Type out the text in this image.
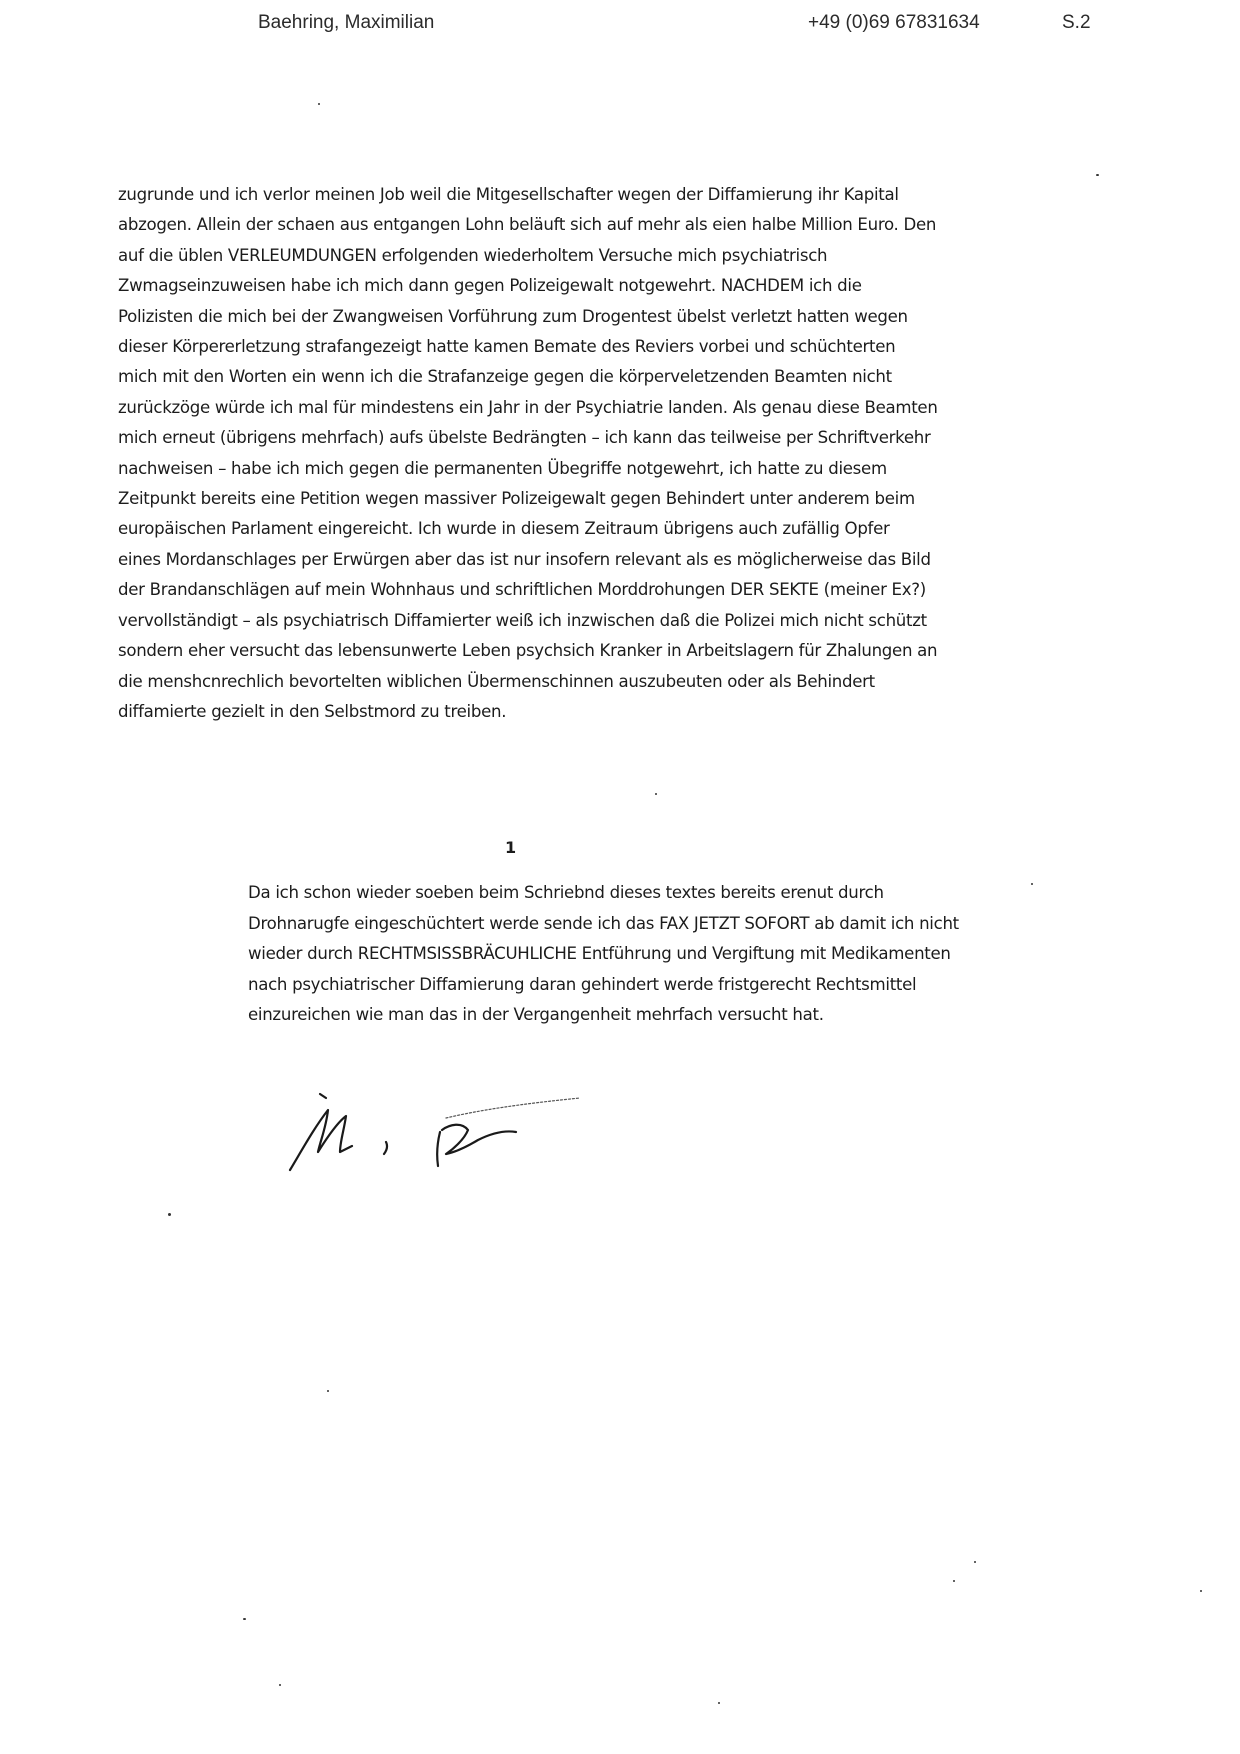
Baehring, Maximilian	+49 (0)69 67831634	S.2
zugrunde und ich verlor meinen Job weil die Mitgesellschafter wegen der Diffamierung ihr Kapital
abzogen. Allein der schaen aus entgangen Lohn beläuft sich auf mehr als eien halbe Million Euro. Den
auf die üblen VERLEUMDUNGEN erfolgenden wiederholtem Versuche mich psychiatrisch
Zwmagseinzuweisen habe ich mich dann gegen Polizeigewalt notgewehrt. NACHDEM ich die
Polizisten die mich bei der Zwangweisen Vorführung zum Drogentest übelst verletzt hatten wegen
dieser Körpererletzung strafangezeigt hatte kamen Bemate des Reviers vorbei und schüchterten
mich mit den Worten ein wenn ich die Strafanzeige gegen die körperveletzenden Beamten nicht
zurückzöge würde ich mal für mindestens ein Jahr in der Psychiatrie landen. Als genau diese Beamten
mich erneut (übrigens mehrfach) aufs übelste Bedrängten – ich kann das teilweise per Schriftverkehr
nachweisen – habe ich mich gegen die permanenten Übegriffe notgewehrt, ich hatte zu diesem
Zeitpunkt bereits eine Petition wegen massiver Polizeigewalt gegen Behindert unter anderem beim
europäischen Parlament eingereicht. Ich wurde in diesem Zeitraum übrigens auch zufällig Opfer
eines Mordanschlages per Erwürgen aber das ist nur insofern relevant als es möglicherweise das Bild
der Brandanschlägen auf mein Wohnhaus und schriftlichen Morddrohungen DER SEKTE (meiner Ex?)
vervollständigt – als psychiatrisch Diffamierter weiß ich inzwischen daß die Polizei mich nicht schützt
sondern eher versucht das lebensunwerte Leben psychsich Kranker in Arbeitslagern für Zhalungen an
die menshcnrechlich bevortelten wiblichen Übermenschinnen auszubeuten oder als Behindert
diffamierte gezielt in den Selbstmord zu treiben.
1
Da ich schon wieder soeben beim Schriebnd dieses textes bereits erenut durch
Drohnarugfe eingeschüchtert werde sende ich das FAX JETZT SOFORT ab damit ich nicht
wieder durch RECHTMSISSBRÄCUHLICHE Entführung und Vergiftung mit Medikamenten
nach psychiatrischer Diffamierung daran gehindert werde fristgerecht Rechtsmittel
einzureichen wie man das in der Vergangenheit mehrfach versucht hat.
